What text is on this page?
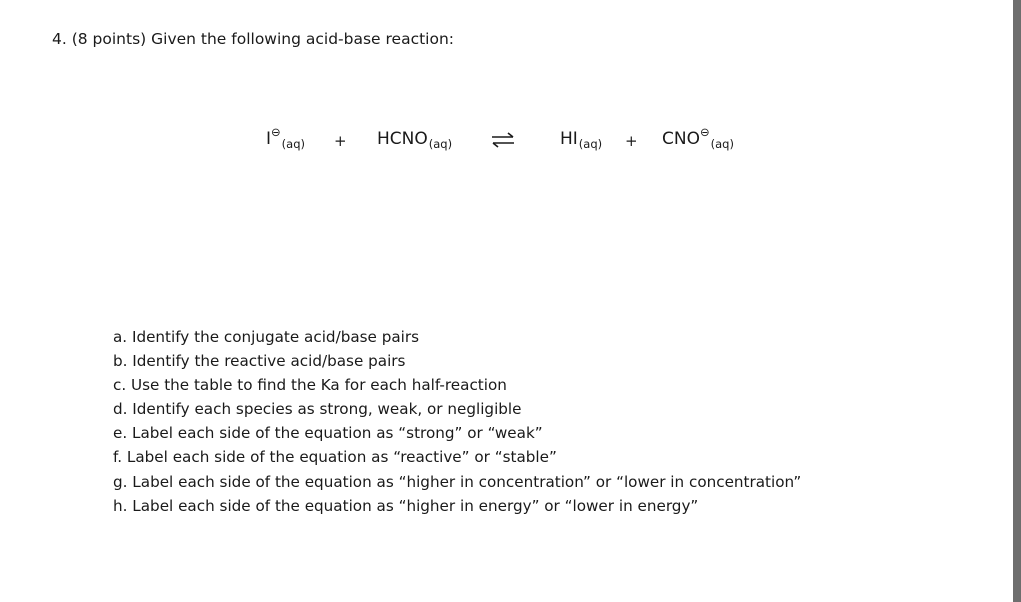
4. (8 points) Given the following acid-base reaction:
$I^⊖_{(aq)}$ + $HCNO_{(aq)}$	$HI_{(aq)} + CNO^⊖_{(aq)}$
a. Identify the conjugate acid/base pairs
b. Identify the reactive acid/base pairs
c. Use the table to find the Ka for each half-reaction
d. Identify each species as strong, weak, or negligible
e. Label each side of the equation as “strong” or “weak”
f. Label each side of the equation as “reactive” or “stable”
g. Label each side of the equation as “higher in concentration” or “lower in concentration”
h. Label each side of the equation as “higher in energy” or “lower in energy”
